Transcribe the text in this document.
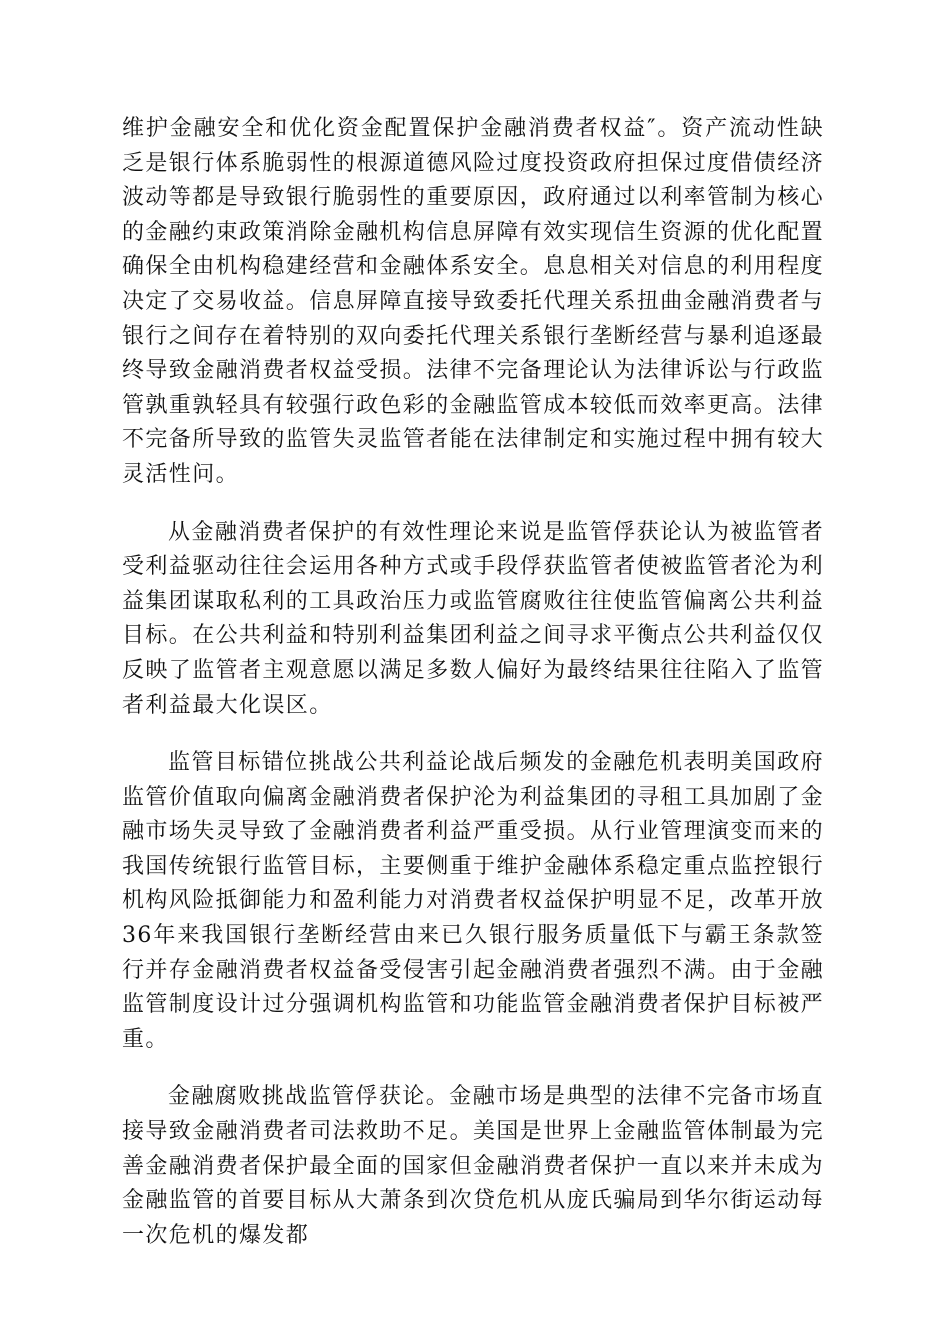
维护金融安全和优化资金配置保护金融消费者权益″。资产流动性缺乏是银行体系脆弱性的根源道德风险过度投资政府担保过度借债经济波动等都是导致银行脆弱性的重要原因，政府通过以利率管制为核心的金融约束政策消除金融机构信息屏障有效实现信生资源的优化配置确保全由机构稳建经营和金融体系安全。息息相关对信息的利用程度决定了交易收益。信息屏障直接导致委托代理关系扭曲金融消费者与银行之间存在着特别的双向委托代理关系银行垄断经营与暴利追逐最终导致金融消费者权益受损。法律不完备理论认为法律诉讼与行政监管孰重孰轻具有较强行政色彩的金融监管成本较低而效率更高。法律不完备所导致的监管失灵监管者能在法律制定和实施过程中拥有较大灵活性问。

从金融消费者保护的有效性理论来说是监管俘获论认为被监管者受利益驱动往往会运用各种方式或手段俘获监管者使被监管者沦为利益集团谋取私利的工具政治压力或监管腐败往往使监管偏离公共利益目标。在公共利益和特别利益集团利益之间寻求平衡点公共利益仅仅反映了监管者主观意愿以满足多数人偏好为最终结果往往陷入了监管者利益最大化误区。

监管目标错位挑战公共利益论战后频发的金融危机表明美国政府监管价值取向偏离金融消费者保护沦为利益集团的寻租工具加剧了金融市场失灵导致了金融消费者利益严重受损。从行业管理演变而来的我国传统银行监管目标，主要侧重于维护金融体系稳定重点监控银行机构风险抵御能力和盈利能力对消费者权益保护明显不足，改革开放36年来我国银行垄断经营由来已久银行服务质量低下与霸王条款签行并存金融消费者权益备受侵害引起金融消费者强烈不满。由于金融监管制度设计过分强调机构监管和功能监管金融消费者保护目标被严重。

金融腐败挑战监管俘获论。金融市场是典型的法律不完备市场直接导致金融消费者司法救助不足。美国是世界上金融监管体制最为完善金融消费者保护最全面的国家但金融消费者保护一直以来并未成为金融监管的首要目标从大萧条到次贷危机从庞氏骗局到华尔街运动每一次危机的爆发都
